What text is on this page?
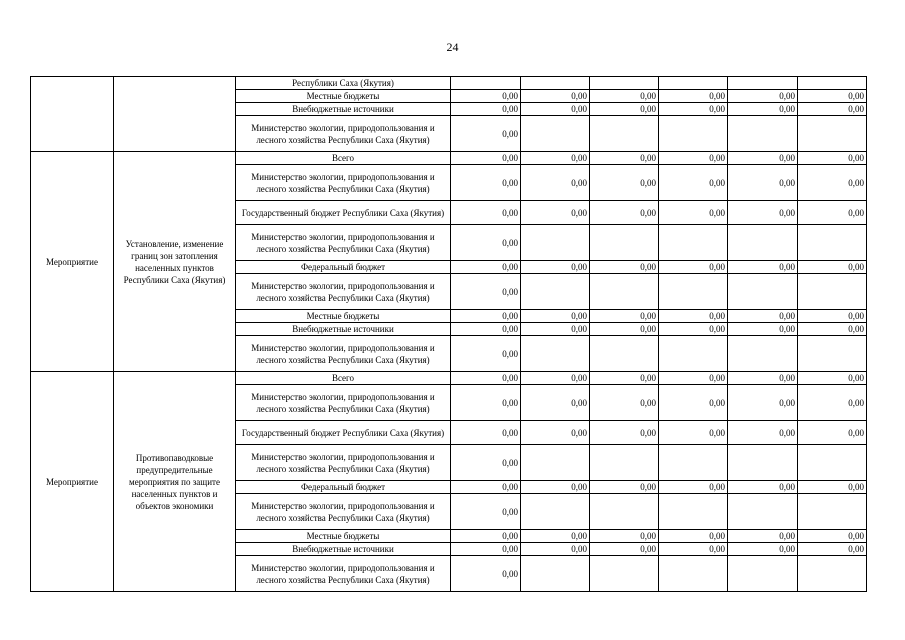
24
		Республики Саха (Якутия)						
		Местные бюджеты	0,00	0,00	0,00	0,00	0,00	0,00
		Внебюджетные источники	0,00	0,00	0,00	0,00	0,00	0,00
		Министерство экологии, природопользования и лесного хозяйства Республики Саха (Якутия)	0,00					
Мероприятие	Установление, изменение границ зон затопления населенных пунктов Республики Саха (Якутия)	Всего	0,00	0,00	0,00	0,00	0,00	0,00
		Министерство экологии, природопользования и лесного хозяйства Республики Саха (Якутия)	0,00	0,00	0,00	0,00	0,00	0,00
		Государственный бюджет Республики Саха (Якутия)	0,00	0,00	0,00	0,00	0,00	0,00
		Министерство экологии, природопользования и лесного хозяйства Республики Саха (Якутия)	0,00					
		Федеральный бюджет	0,00	0,00	0,00	0,00	0,00	0,00
		Министерство экологии, природопользования и лесного хозяйства Республики Саха (Якутия)	0,00					
		Местные бюджеты	0,00	0,00	0,00	0,00	0,00	0,00
		Внебюджетные источники	0,00	0,00	0,00	0,00	0,00	0,00
		Министерство экологии, природопользования и лесного хозяйства Республики Саха (Якутия)	0,00					
Мероприятие	Противопаводковые предупредительные мероприятия по защите населенных пунктов и объектов экономики	Всего	0,00	0,00	0,00	0,00	0,00	0,00
		Министерство экологии, природопользования и лесного хозяйства Республики Саха (Якутия)	0,00	0,00	0,00	0,00	0,00	0,00
		Государственный бюджет Республики Саха (Якутия)	0,00	0,00	0,00	0,00	0,00	0,00
		Министерство экологии, природопользования и лесного хозяйства Республики Саха (Якутия)	0,00					
		Федеральный бюджет	0,00	0,00	0,00	0,00	0,00	0,00
		Министерство экологии, природопользования и лесного хозяйства Республики Саха (Якутия)	0,00					
		Местные бюджеты	0,00	0,00	0,00	0,00	0,00	0,00
		Внебюджетные источники	0,00	0,00	0,00	0,00	0,00	0,00
		Министерство экологии, природопользования и лесного хозяйства Республики Саха (Якутия)	0,00					
